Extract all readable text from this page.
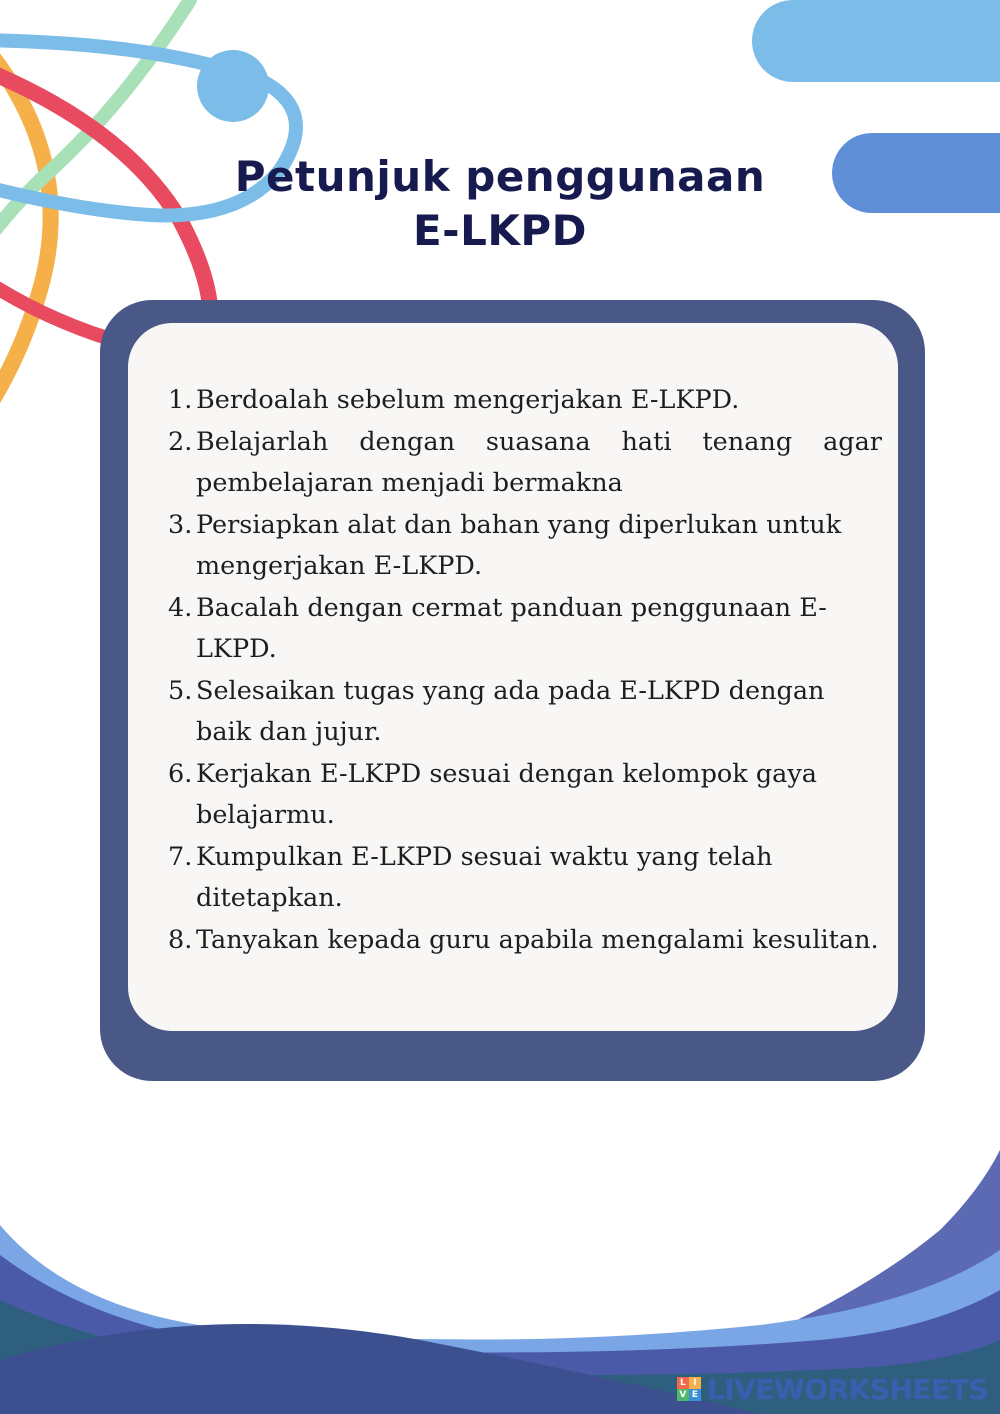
Petunjuk penggunaan
E-LKPD
1. Berdoalah sebelum mengerjakan E-LKPD.
2. Belajarlah dengan suasana hati tenang agar pembelajaran menjadi bermakna
3. Persiapkan alat dan bahan yang diperlukan untuk mengerjakan E-LKPD.
4. Bacalah dengan cermat panduan penggunaan E-LKPD.
5. Selesaikan tugas yang ada pada E-LKPD dengan baik dan jujur.
6. Kerjakan E-LKPD sesuai dengan kelompok gaya belajarmu.
7. Kumpulkan E-LKPD sesuai waktu yang telah ditetapkan.
8. Tanyakan kepada guru apabila mengalami kesulitan.
L I
V E LIVEWORKSHEETS
